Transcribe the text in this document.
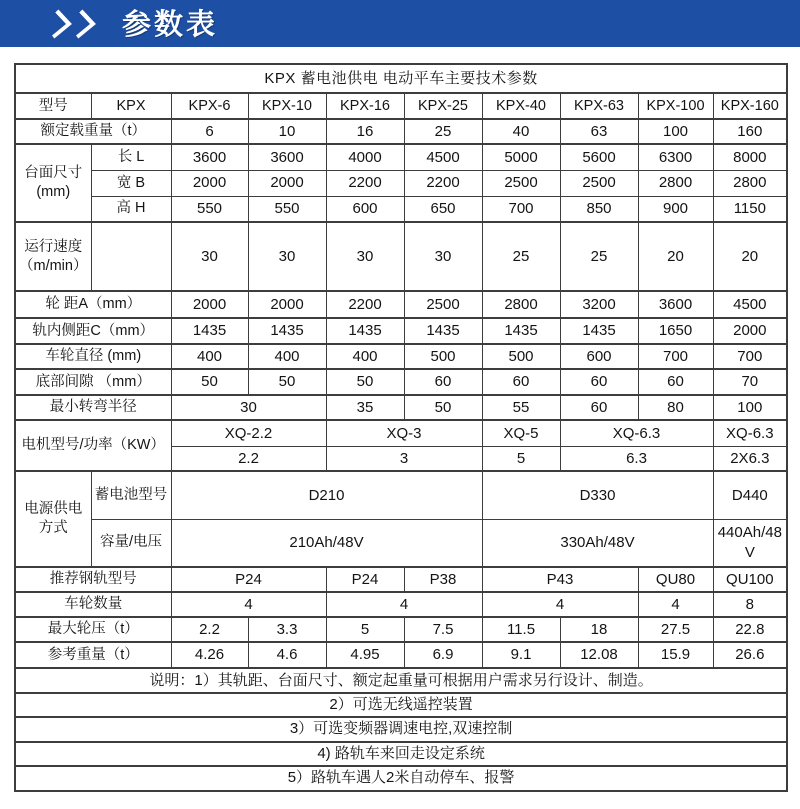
参数表
KPX 蓄电池供电 电动平车主要技术参数									
型号	KPX	KPX-6	KPX-10	KPX-16	KPX-25	KPX-40	KPX-63	KPX-100	KPX-160
额定载重量（t）		6	10	16	25	40	63	100	160
台面尺寸 (mm)	长 L	3600	3600	4000	4500	5000	5600	6300	8000
	宽 B	2000	2000	2200	2200	2500	2500	2800	2800
	高 H	550	550	600	650	700	850	900	1150
运行速度（m/min）		30	30	30	30	25	25	20	20
轮 距A（mm）		2000	2000	2200	2500	2800	3200	3600	4500
轨内侧距C（mm）		1435	1435	1435	1435	1435	1435	1650	2000
车轮直径 (mm)		400	400	400	500	500	600	700	700
底部间隙 （mm）		50	50	50	60	60	60	60	70
最小转弯半径		30		35	50	55	60	80	100
电机型号/功率（KW）		XQ-2.2		XQ-3		XQ-5	XQ-6.3		XQ-6.3
		2.2		3		5	6.3		2X6.3
电源供电方式	蓄电池型号	D210				D330			D440
	容量/电压	210Ah/48V				330Ah/48V			440Ah/48V
推荐钢轨型号		P24		P24	P38	P43		QU80	QU100
车轮数量		4		4		4		4	8
最大轮压（t）		2.2	3.3	5	7.5	11.5	18	27.5	22.8
参考重量（t）		4.26	4.6	4.95	6.9	9.1	12.08	15.9	26.6
说明：1）其轨距、台面尺寸、额定起重量可根据用户需求另行设计、制造。									
2）可选无线遥控装置									
3）可选变频器调速电控,双速控制									
4) 路轨车来回走设定系统									
5）路轨车遇人2米自动停车、报警									
